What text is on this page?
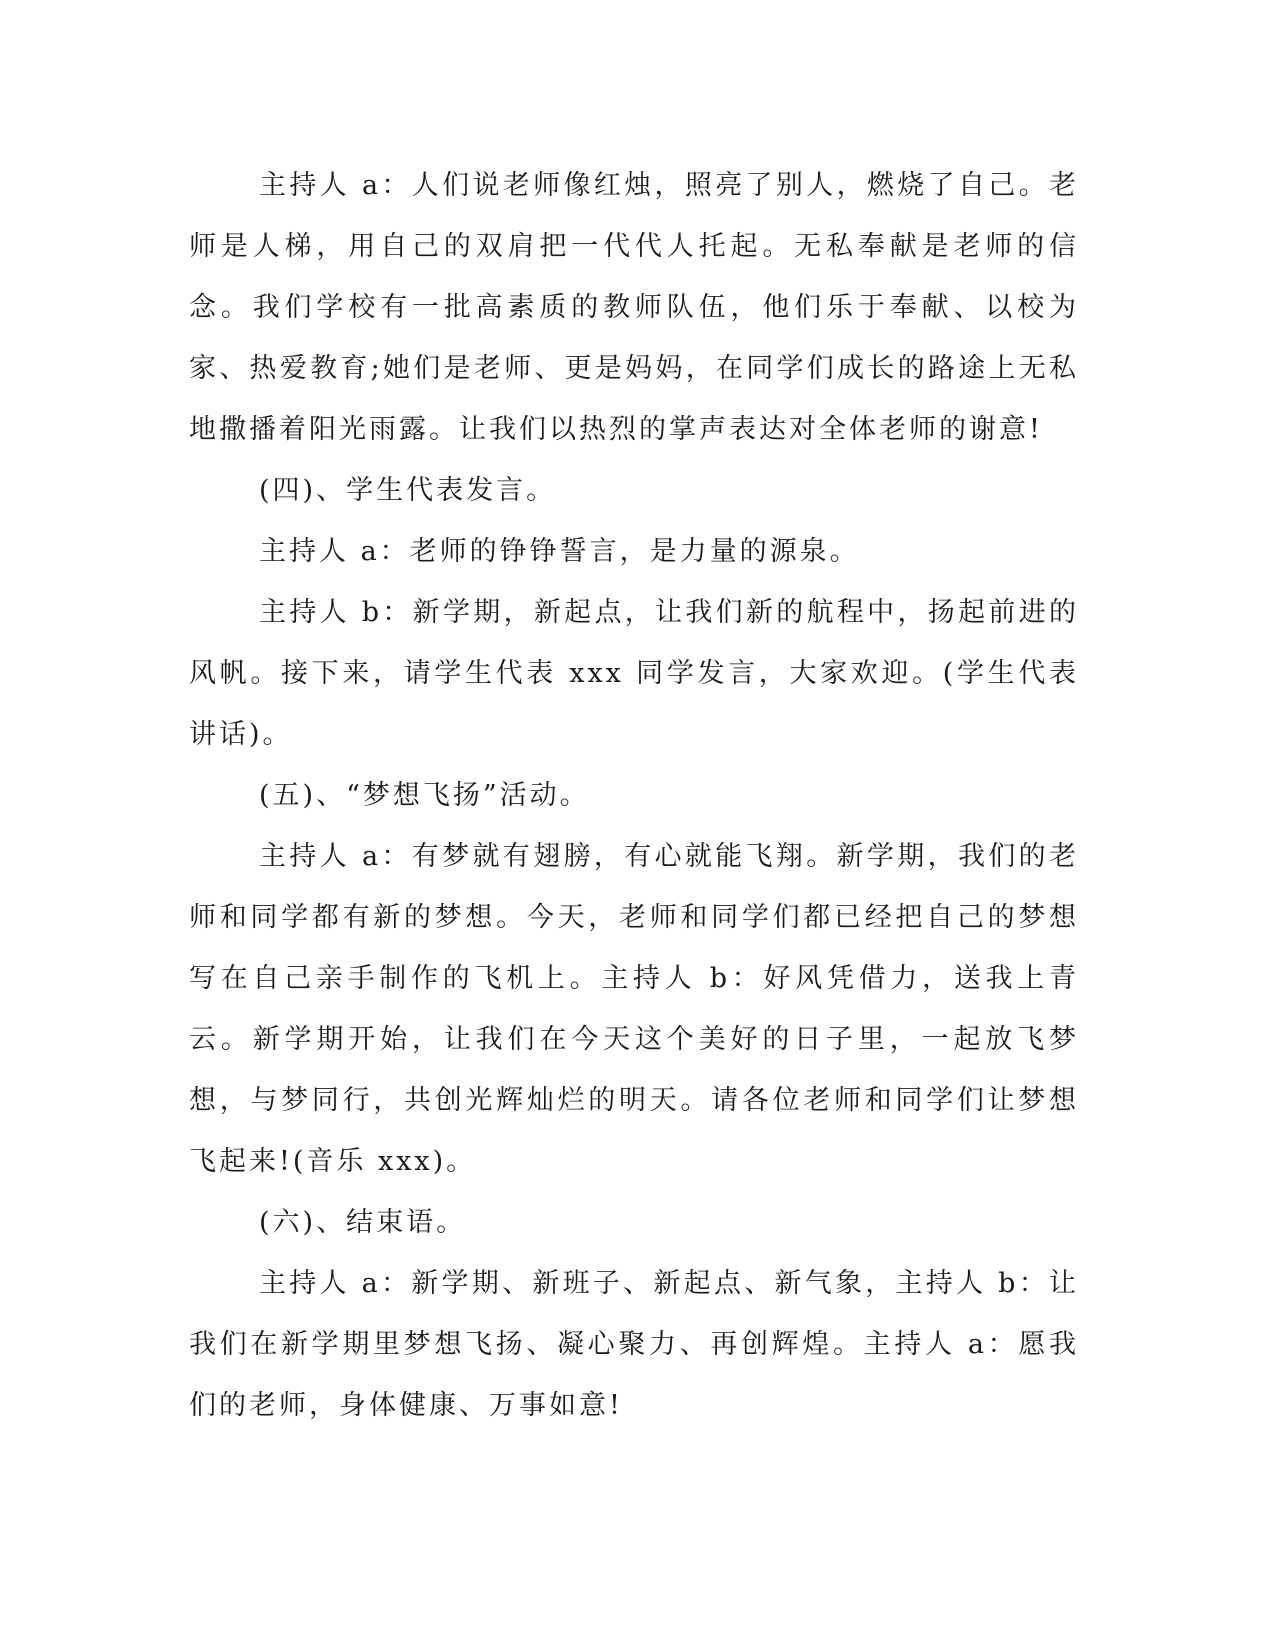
主持人 a：人们说老师像红烛，照亮了别人，燃烧了自己。老师是人梯，用自己的双肩把一代代人托起。无私奉献是老师的信念。我们学校有一批高素质的教师队伍，他们乐于奉献、以校为家、热爱教育;她们是老师、更是妈妈，在同学们成长的路途上无私地撒播着阳光雨露。让我们以热烈的掌声表达对全体老师的谢意!

(四)、学生代表发言。

主持人 a：老师的铮铮誓言，是力量的源泉。

主持人 b：新学期，新起点，让我们新的航程中，扬起前进的风帆。接下来，请学生代表 xxx 同学发言，大家欢迎。(学生代表讲话)。

(五)、“梦想飞扬”活动。

主持人 a：有梦就有翅膀，有心就能飞翔。新学期，我们的老师和同学都有新的梦想。今天，老师和同学们都已经把自己的梦想写在自己亲手制作的飞机上。主持人 b：好风凭借力，送我上青云。新学期开始，让我们在今天这个美好的日子里，一起放飞梦想，与梦同行，共创光辉灿烂的明天。请各位老师和同学们让梦想飞起来!(音乐 xxx)。

(六)、结束语。

主持人 a：新学期、新班子、新起点、新气象，主持人 b：让我们在新学期里梦想飞扬、凝心聚力、再创辉煌。主持人 a：愿我们的老师，身体健康、万事如意!
